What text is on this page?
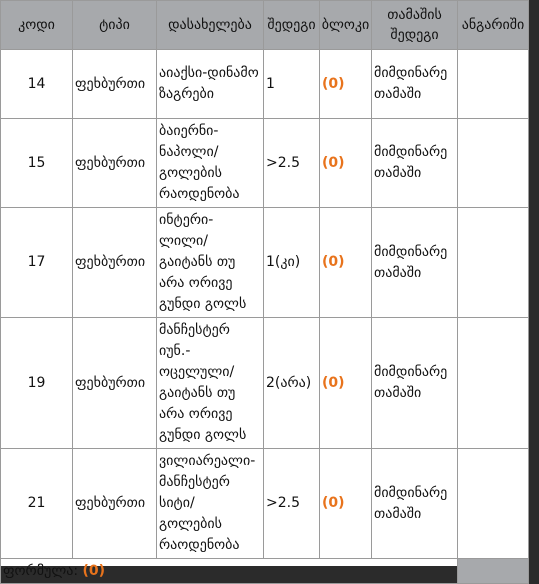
კოდი	ტიპი	დასახელება	შედეგი	ბლოკი	თამაშის შედეგი	ანგარიში
14	ფეხბურთი	აიაქსი-დინამო ზაგრები	1	(0)	მიმდინარე თამაში	
15	ფეხბურთი	ბაიერნი-ნაპოლი/ გოლების რაოდენობა	>2.5	(0)	მიმდინარე თამაში	
17	ფეხბურთი	ინტერი-ლილი/ გაიტანს თუ არა ორივე გუნდი გოლს	1(კი)	(0)	მიმდინარე თამაში	
19	ფეხბურთი	მანჩესტერ იუნ.-ოცელული/ გაიტანს თუ არა ორივე გუნდი გოლს	2(არა)	(0)	მიმდინარე თამაში	
21	ფეხბურთი	ვილიარეალი-მანჩესტერ სიტი/ გოლების რაოდენობა	>2.5	(0)	მიმდინარე თამაში	
ფორმულა: (0)						
